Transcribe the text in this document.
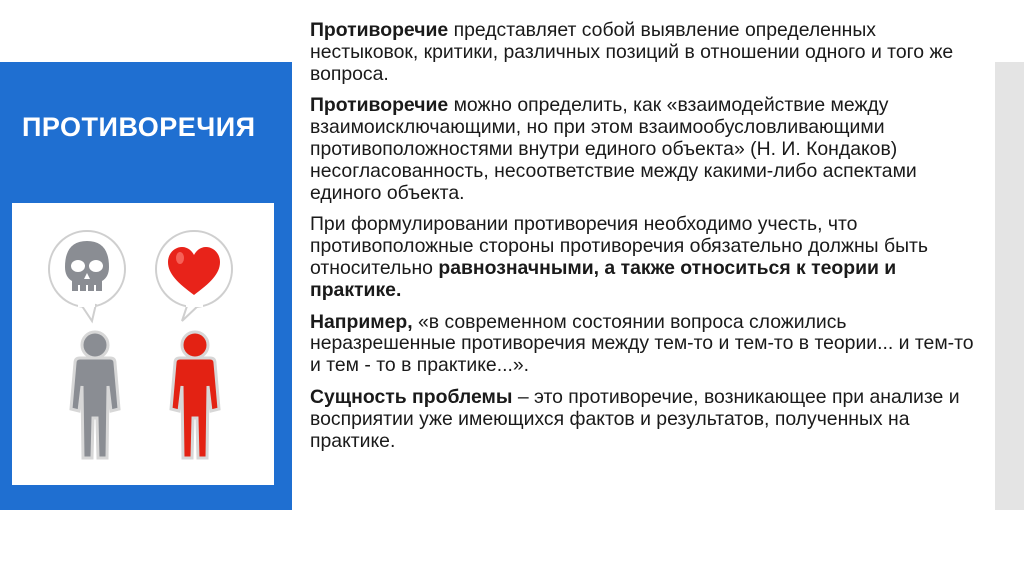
ПРОТИВОРЕЧИЯ

Противоречие представляет собой выявление определенных нестыковок, критики, различных позиций в отношении одного и того же вопроса.

Противоречие можно определить, как «взаимодействие между взаимоисключающими, но при этом взаимообусловливающими противоположностями внутри единого объекта» (Н. И. Кондаков) несогласованность, несоответствие между какими-либо аспектами единого объекта.

При формулировании противоречия необходимо учесть, что противоположные стороны противоречия обязательно должны быть относительно равнозначными, а также относиться к теории и практике.

Например, «в современном состоянии вопроса сложились неразрешенные противоречия между тем-то и тем-то в теории... и тем-то и тем - то в практике...».

Сущность проблемы – это противоречие, возникающее при анализе и восприятии уже имеющихся фактов и результатов, полученных на практике.
